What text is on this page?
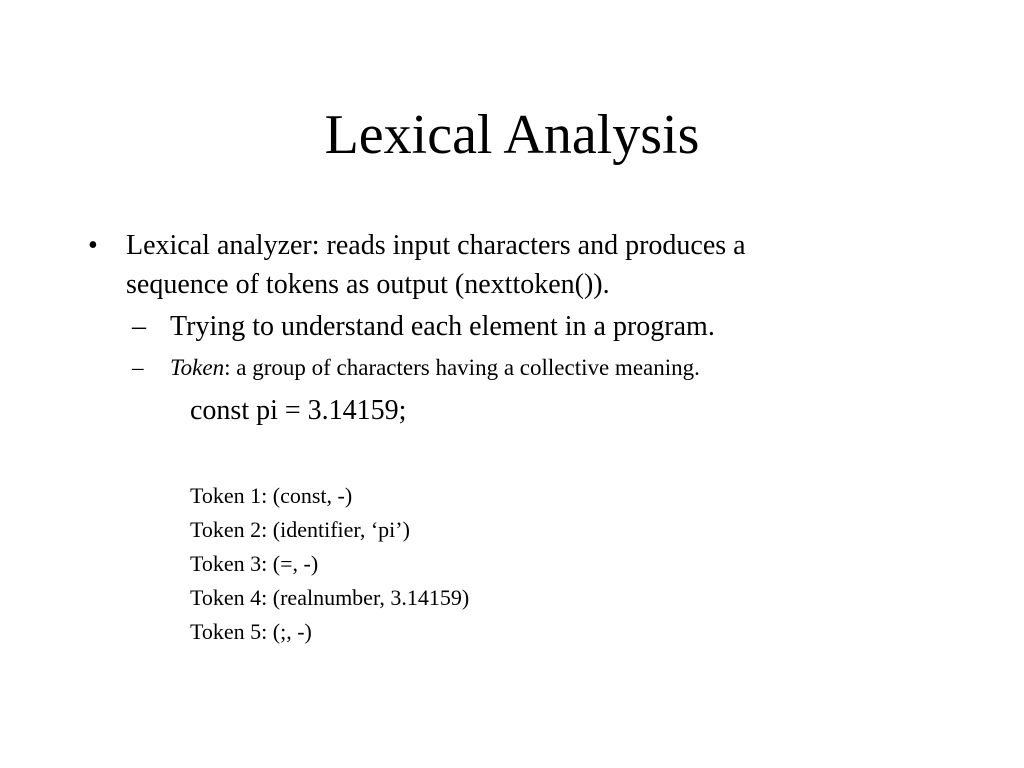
Lexical Analysis
•	Lexical analyzer: reads input characters and produces a
sequence of tokens as output (nexttoken()).
– Trying to understand each element in a program.
– Token: a group of characters having a collective meaning.
const pi = 3.14159;
Token 1: (const, -)
Token 2: (identifier, ‘pi’)
Token 3: (=, -)
Token 4: (realnumber, 3.14159)
Token 5: (;, -)
